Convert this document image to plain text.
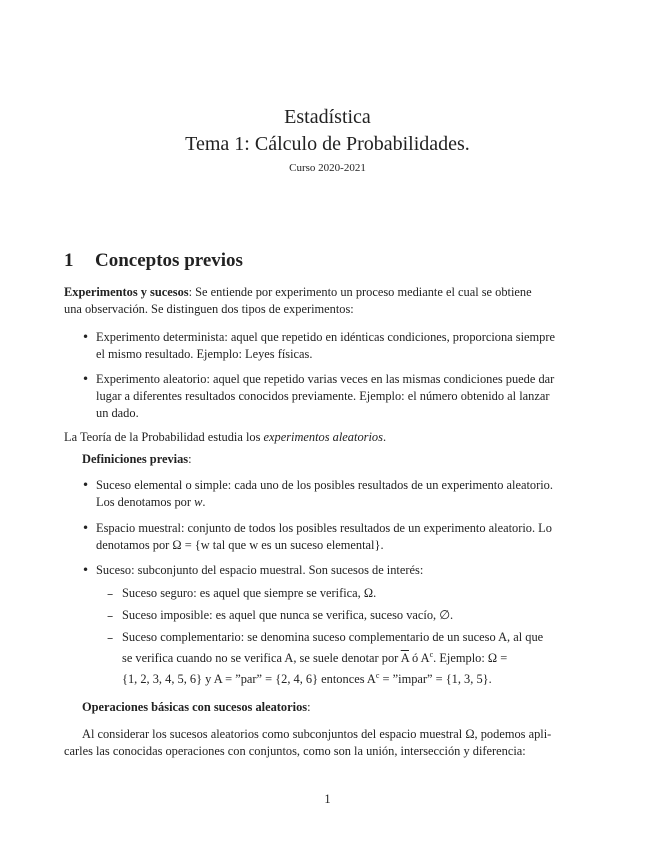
Estadística
Tema 1: Cálculo de Probabilidades.
Curso 2020-2021
1 Conceptos previos

Experimentos y sucesos: Se entiende por experimento un proceso mediante el cual se obtiene

una observación. Se distinguen dos tipos de experimentos:

• Experimento determinista: aquel que repetido en idénticas condiciones, proporciona siempre
el mismo resultado. Ejemplo: Leyes físicas.
• Experimento aleatorio: aquel que repetido varias veces en las mismas condiciones puede dar
lugar a diferentes resultados conocidos previamente. Ejemplo: el número obtenido al lanzar
un dado.

La Teoría de la Probabilidad estudia los experimentos aleatorios.

Definiciones previas:

• Suceso elemental o simple: cada uno de los posibles resultados de un experimento aleatorio.
Los denotamos por w.
• Espacio muestral: conjunto de todos los posibles resultados de un experimento aleatorio. Lo
denotamos por Ω = {w tal que w es un suceso elemental}.
• Suceso: subconjunto del espacio muestral. Son sucesos de interés:
– Suceso seguro: es aquel que siempre se verifica, Ω.
– Suceso imposible: es aquel que nunca se verifica, suceso vacío, ∅.
– Suceso complementario: se denomina suceso complementario de un suceso A, al que
se verifica cuando no se verifica A, se suele denotar por $\overline{A}$ ó $A^c$. Ejemplo: Ω =
{1, 2, 3, 4, 5, 6} y A = ”par” = {2, 4, 6} entonces $A^c$ = ”impar” = {1, 3, 5}.

Operaciones básicas con sucesos aleatorios:

Al considerar los sucesos aleatorios como subconjuntos del espacio muestral Ω, podemos apli-

carles las conocidas operaciones con conjuntos, como son la unión, intersección y diferencia:

1
